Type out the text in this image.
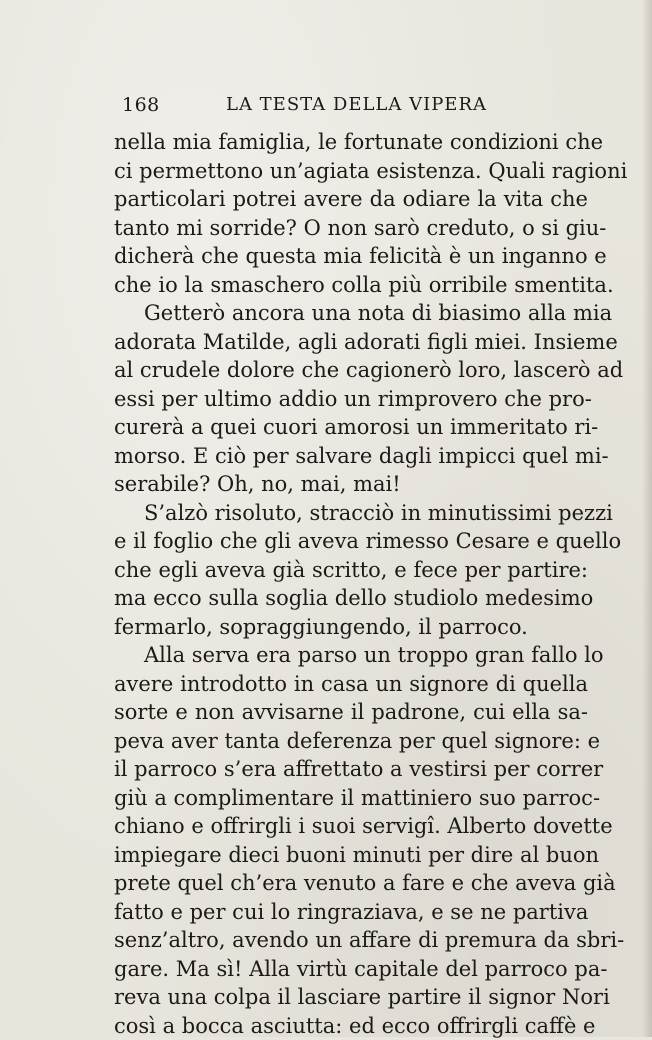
168	LA TESTA DELLA VIPERA
nella mia famiglia, le fortunate condizioni che
ci permettono un’agiata esistenza. Quali ragioni
particolari potrei avere da odiare la vita che
tanto mi sorride? O non sarò creduto, o si giu-
dicherà che questa mia felicità è un inganno e
che io la smaschero colla più orribile smentita.
Getterò ancora una nota di biasimo alla mia
adorata Matilde, agli adorati figli miei. Insieme
al crudele dolore che cagionerò loro, lascerò ad
essi per ultimo addio un rimprovero che pro-
curerà a quei cuori amorosi un immeritato ri-
morso. E ciò per salvare dagli impicci quel mi-
serabile? Oh, no, mai, mai!
S’alzò risoluto, stracciò in minutissimi pezzi
e il foglio che gli aveva rimesso Cesare e quello
che egli aveva già scritto, e fece per partire:
ma ecco sulla soglia dello studiolo medesimo
fermarlo, sopraggiungendo, il parroco.
Alla serva era parso un troppo gran fallo lo
avere introdotto in casa un signore di quella
sorte e non avvisarne il padrone, cui ella sa-
peva aver tanta deferenza per quel signore: e
il parroco s’era affrettato a vestirsi per correr
giù a complimentare il mattiniero suo parroc-
chiano e offrirgli i suoi servigî. Alberto dovette
impiegare dieci buoni minuti per dire al buon
prete quel ch’era venuto a fare e che aveva già
fatto e per cui lo ringraziava, e se ne partiva
senz’altro, avendo un affare di premura da sbri-
gare. Ma sì! Alla virtù capitale del parroco pa-
reva una colpa il lasciare partire il signor Nori
così a bocca asciutta: ed ecco offrirgli caffè e
